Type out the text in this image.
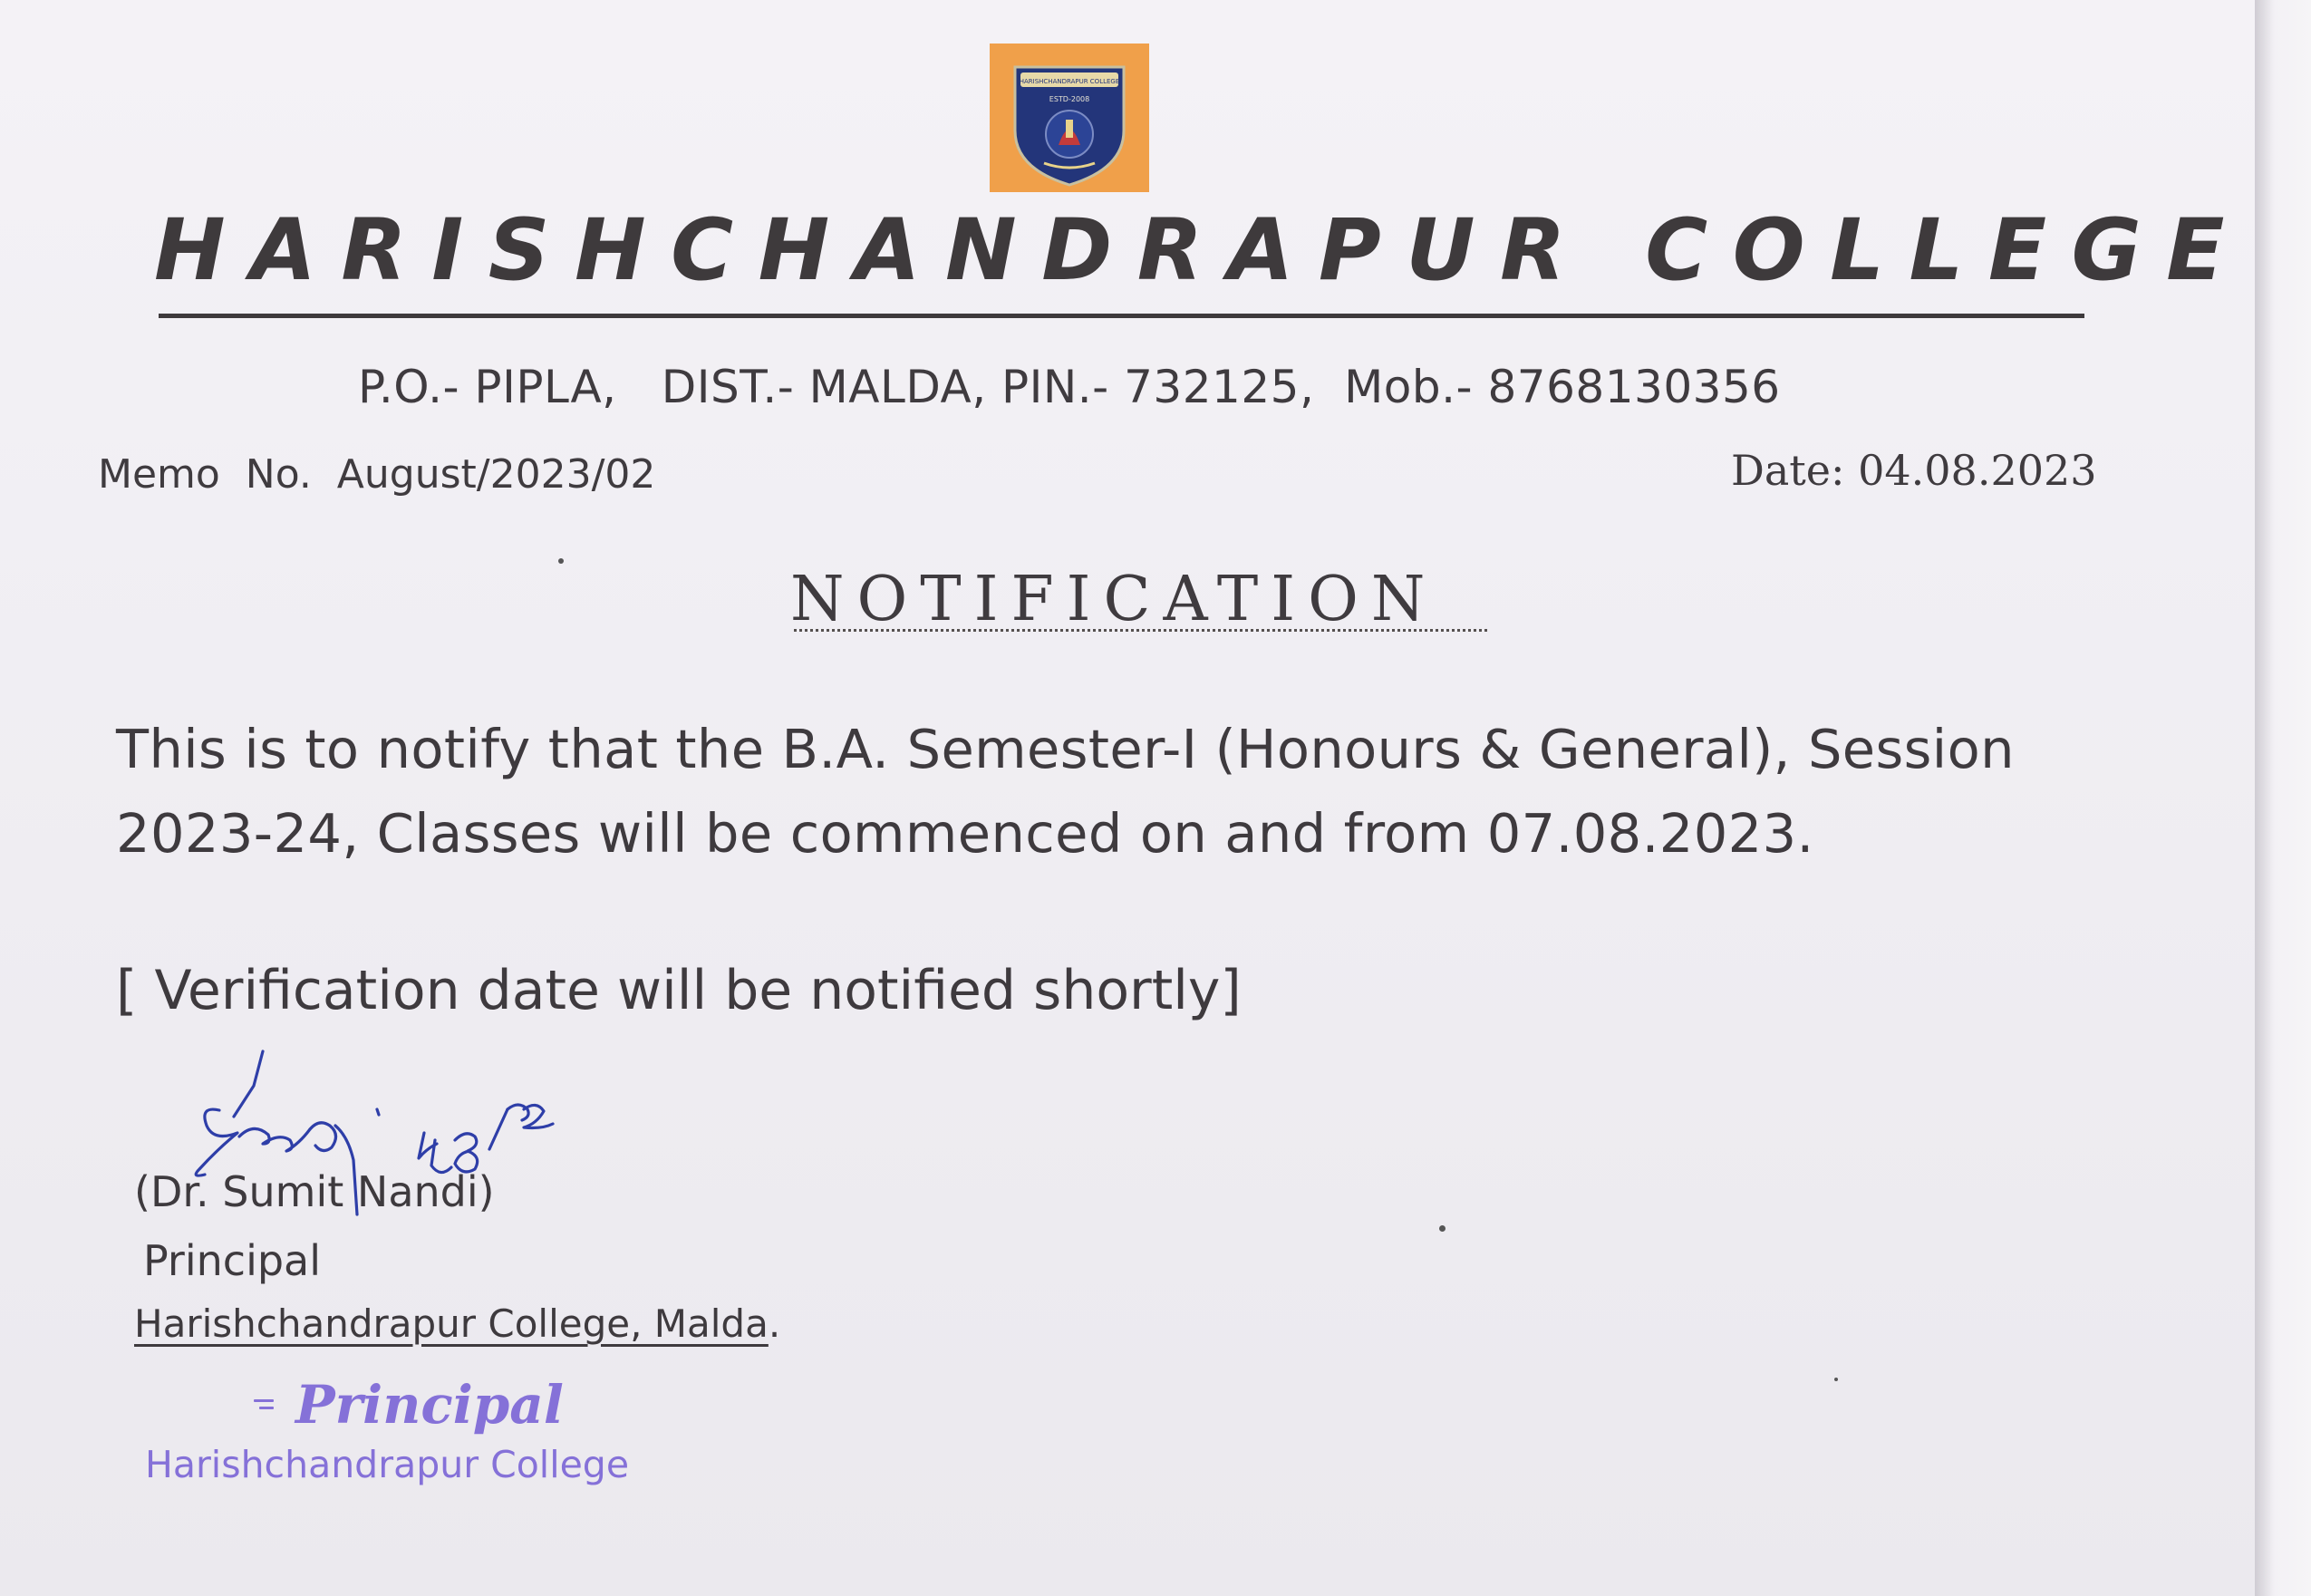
HARISHCHANDRAPUR COLLEGE
ESTD-2008
HARISHCHANDRAPUR COLLEGE
P.O.- PIPLA,   DIST.- MALDA, PIN.- 732125,  Mob.- 8768130356
Memo  No.  August/2023/02	Date: 04.08.2023
NOTIFICATION
This is to notify that the B.A. Semester-I (Honours & General), Session
2023-24, Classes will be commenced on and from 07.08.2023.
[ Verification date will be notified shortly]
(Dr. Sumit Nandi)
Principal
Harishchandrapur College, Malda.
Principal
Harishchandrapur College
